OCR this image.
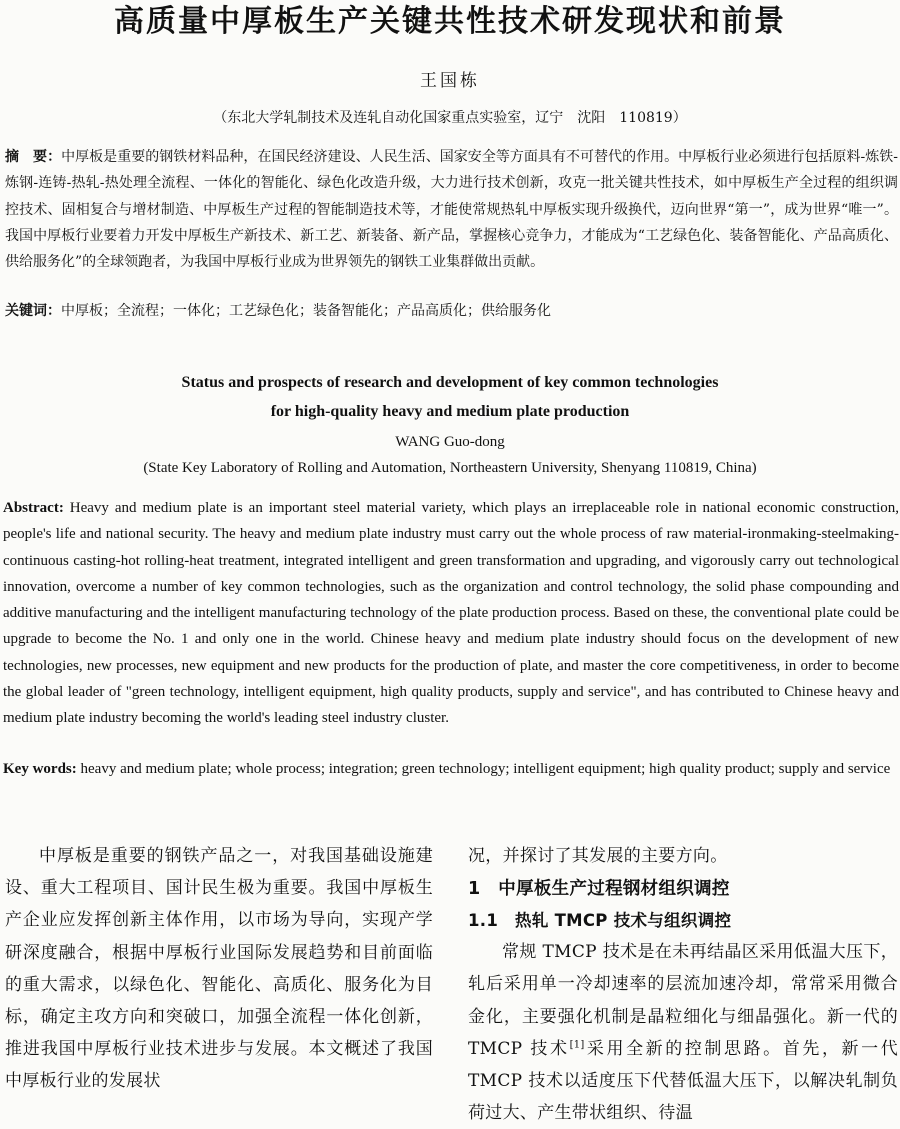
高质量中厚板生产关键共性技术研发现状和前景
王国栋
（东北大学轧制技术及连轧自动化国家重点实验室，辽宁　沈阳　110819）
摘　要：中厚板是重要的钢铁材料品种，在国民经济建设、人民生活、国家安全等方面具有不可替代的作用。中厚板行业必须进行包括原料-炼铁-炼钢-连铸-热轧-热处理全流程、一体化的智能化、绿色化改造升级，大力进行技术创新，攻克一批关键共性技术，如中厚板生产全过程的组织调控技术、固相复合与增材制造、中厚板生产过程的智能制造技术等，才能使常规热轧中厚板实现升级换代，迈向世界“第一”，成为世界“唯一”。我国中厚板行业要着力开发中厚板生产新技术、新工艺、新装备、新产品，掌握核心竞争力，才能成为“工艺绿色化、装备智能化、产品高质化、供给服务化”的全球领跑者，为我国中厚板行业成为世界领先的钢铁工业集群做出贡献。
关键词：中厚板；全流程；一体化；工艺绿色化；装备智能化；产品高质化；供给服务化
Status and prospects of research and development of key common technologies
for high-quality heavy and medium plate production
WANG Guo-dong
(State Key Laboratory of Rolling and Automation, Northeastern University, Shenyang 110819, China)
Abstract: Heavy and medium plate is an important steel material variety, which plays an irreplaceable role in national economic construction, people's life and national security. The heavy and medium plate industry must carry out the whole process of raw material-ironmaking-steelmaking-continuous casting-hot rolling-heat treatment, integrated intelligent and green transformation and upgrading, and vigorously carry out technological innovation, overcome a number of key common technologies, such as the organization and control technology, the solid phase compounding and additive manufacturing and the intelligent manufacturing technology of the plate production process. Based on these, the conventional plate could be upgrade to become the No. 1 and only one in the world. Chinese heavy and medium plate industry should focus on the development of new technologies, new processes, new equipment and new products for the production of plate, and master the core competitiveness, in order to become the global leader of "green technology, intelligent equipment, high quality products, supply and service", and has contributed to Chinese heavy and medium plate industry becoming the world's leading steel industry cluster.
Key words: heavy and medium plate; whole process; integration; green technology; intelligent equipment; high quality product; supply and service
中厚板是重要的钢铁产品之一，对我国基础设施建设、重大工程项目、国计民生极为重要。我国中厚板生产企业应发挥创新主体作用，以市场为导向，实现产学研深度融合，根据中厚板行业国际发展趋势和目前面临的重大需求，以绿色化、智能化、高质化、服务化为目标，确定主攻方向和突破口，加强全流程一体化创新，推进我国中厚板行业技术进步与发展。本文概述了我国中厚板行业的发展状

况，并探讨了其发展的主要方向。

1　中厚板生产过程钢材组织调控
1.1　热轧 TMCP 技术与组织调控

常规 TMCP 技术是在未再结晶区采用低温大压下，轧后采用单一冷却速率的层流加速冷却，常常采用微合金化，主要强化机制是晶粒细化与细晶强化。新一代的 TMCP 技术[1]采用全新的控制思路。首先，新一代 TMCP 技术以适度压下代替低温大压下，以解决轧制负荷过大、产生带状组织、待温
